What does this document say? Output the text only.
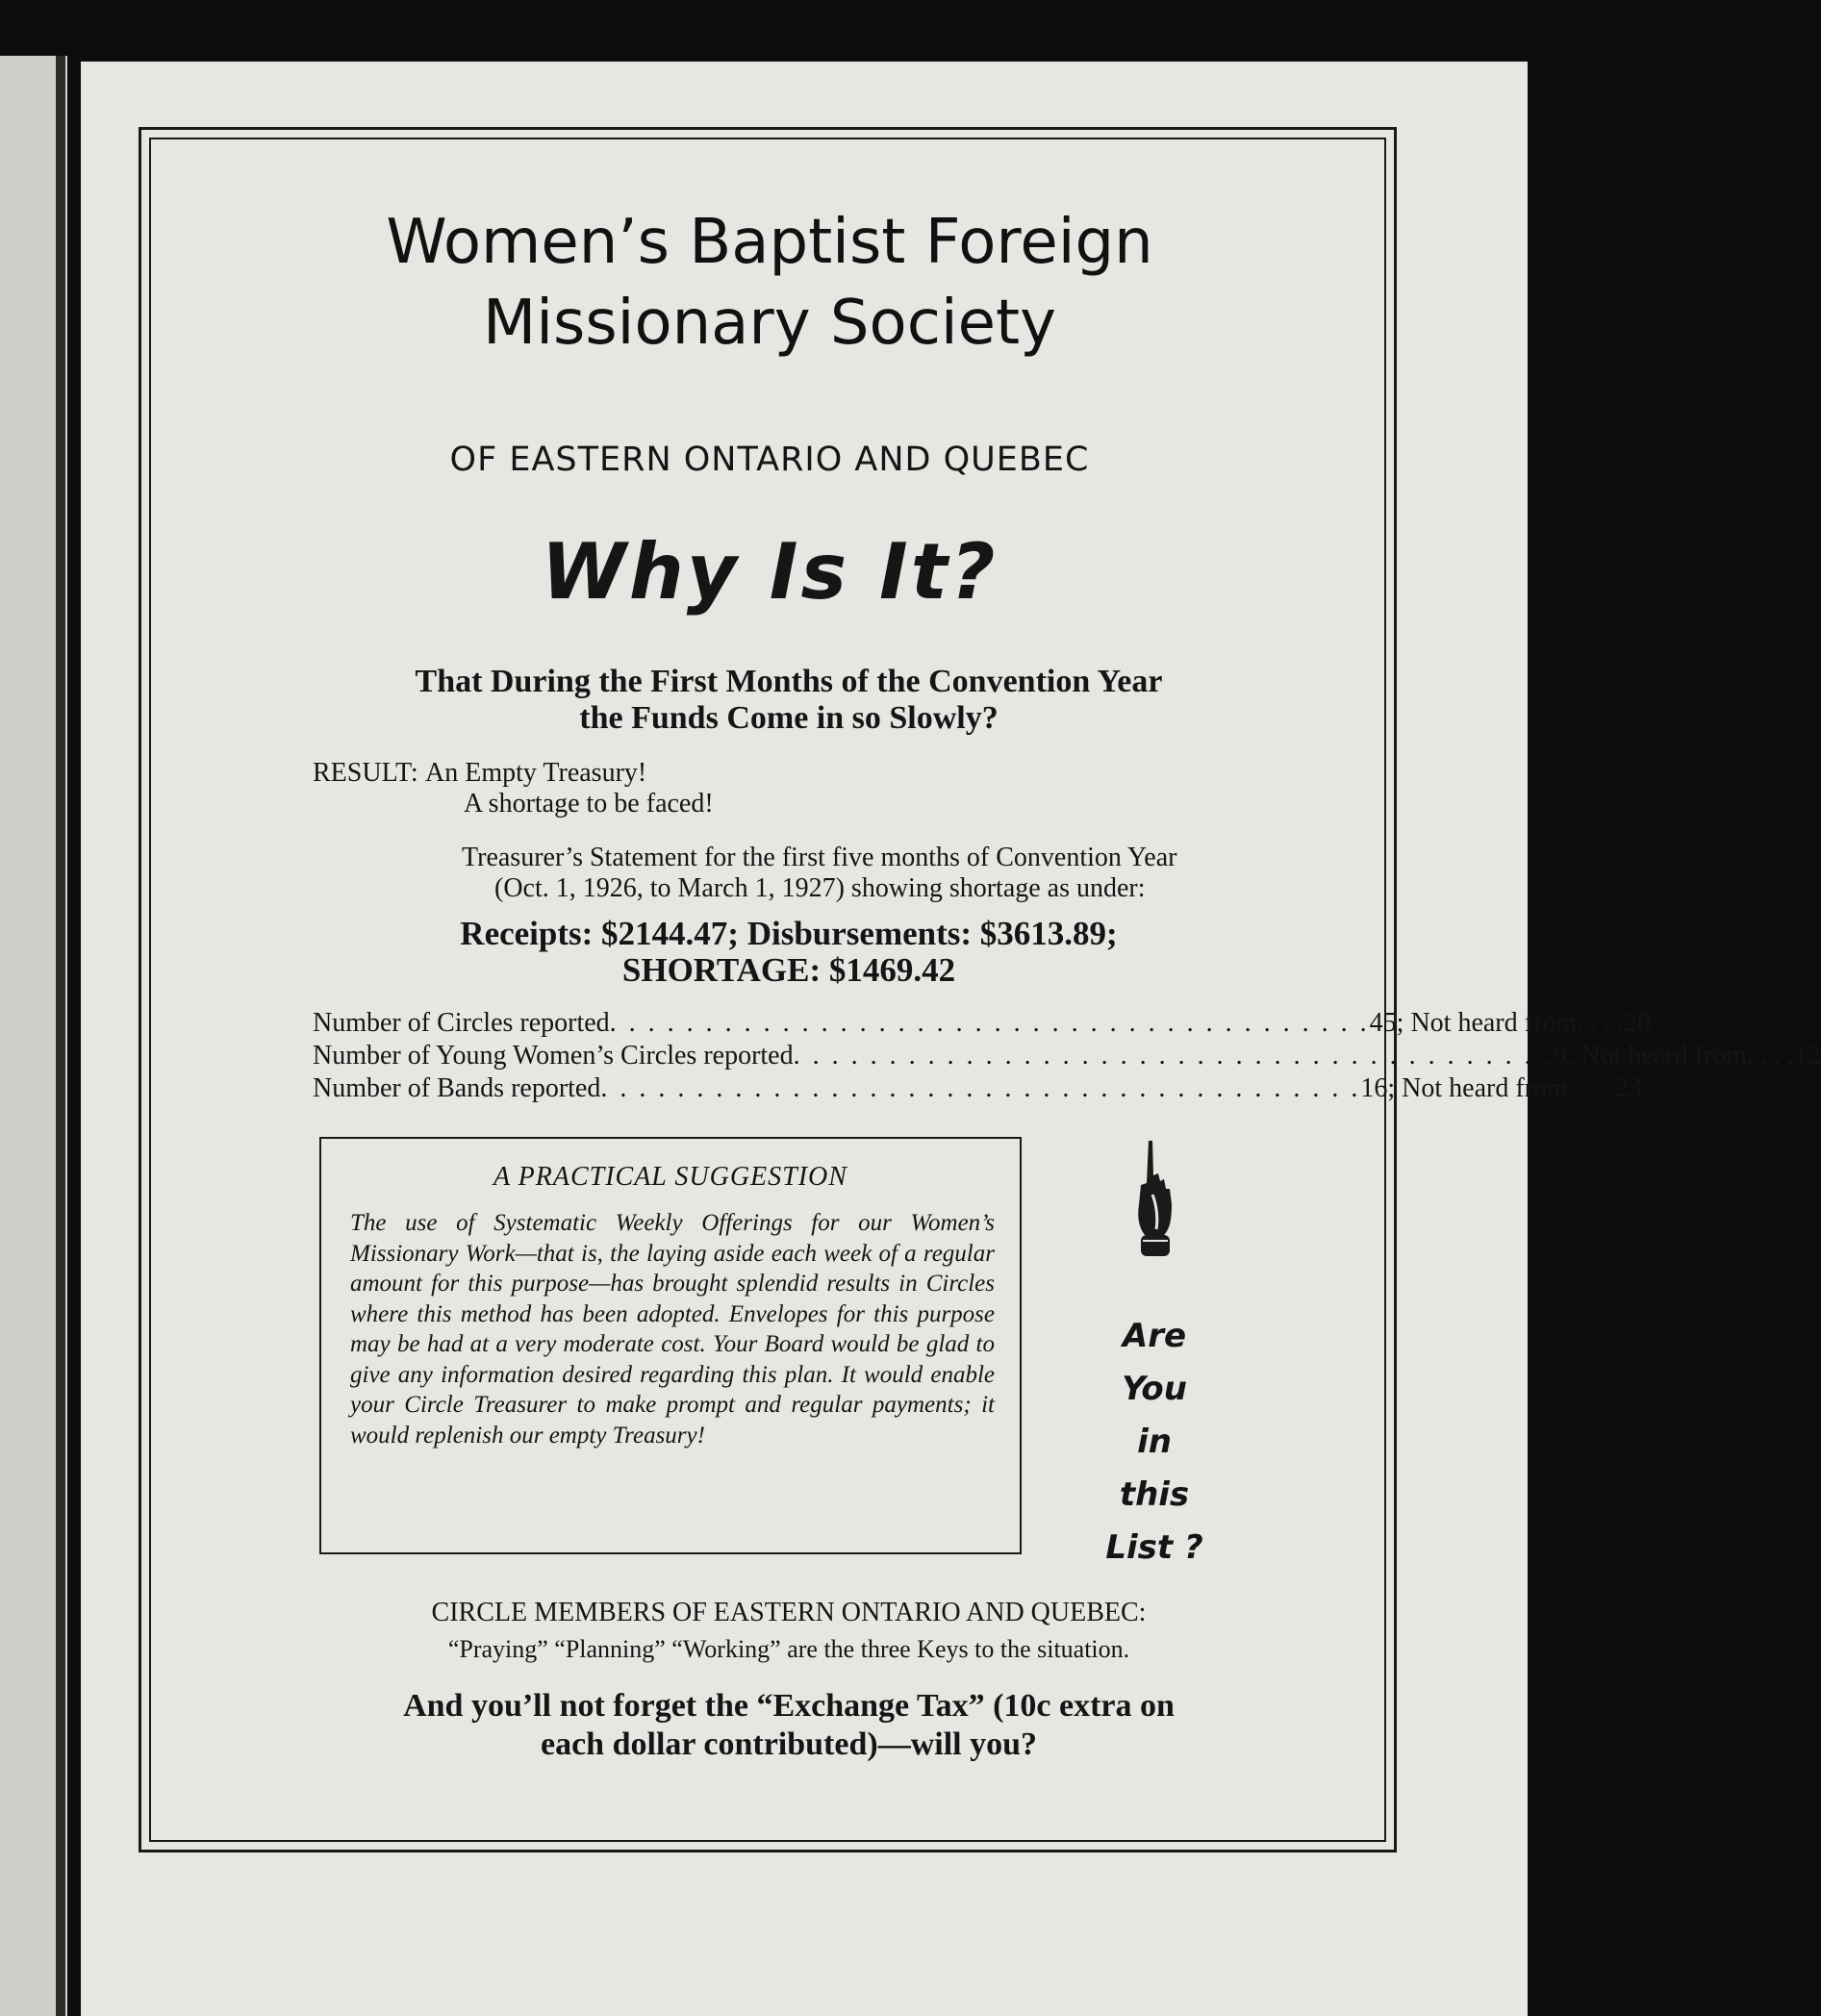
Women’s Baptist Foreign
Missionary Society
OF EASTERN ONTARIO AND QUEBEC
Why Is It?
That During the First Months of the Convention Year
the Funds Come in so Slowly?
RESULT: An Empty Treasury!
A shortage to be faced!
Treasurer’s Statement for the first five months of Convention Year
(Oct. 1, 1926, to March 1, 1927) showing shortage as under:
Receipts: $2144.47; Disbursements: $3613.89;
SHORTAGE: $1469.42
Number of Circles reported . . . . . . . . . . . . . . . . . . . . . . . . . . . . . . . . . . . . . . . . 45; Not heard from. . . .20
Number of Young Women’s Circles reported . . . . . . . . . . . . . . . . . . . . . . . . . . . . . . . . . . . . . . . . 9; Not heard from. . . .12
Number of Bands reported . . . . . . . . . . . . . . . . . . . . . . . . . . . . . . . . . . . . . . . . 16; Not heard from. . . .23
A PRACTICAL SUGGESTION
The use of Systematic Weekly Offerings for our Women’s Missionary Work—that is, the laying aside each week of a regular amount for this purpose—has brought splendid results in Circles where this method has been adopted. Envelopes for this purpose may be had at a very moderate cost. Your Board would be glad to give any information desired regarding this plan. It would enable your Circle Treasurer to make prompt and regular payments; it would replenish our empty Treasury!
Are
You
in
this
List ?
CIRCLE MEMBERS OF EASTERN ONTARIO AND QUEBEC:
“Praying” “Planning” “Working” are the three Keys to the situation.
And you’ll not forget the “Exchange Tax” (10c extra on
each dollar contributed)—will you?
